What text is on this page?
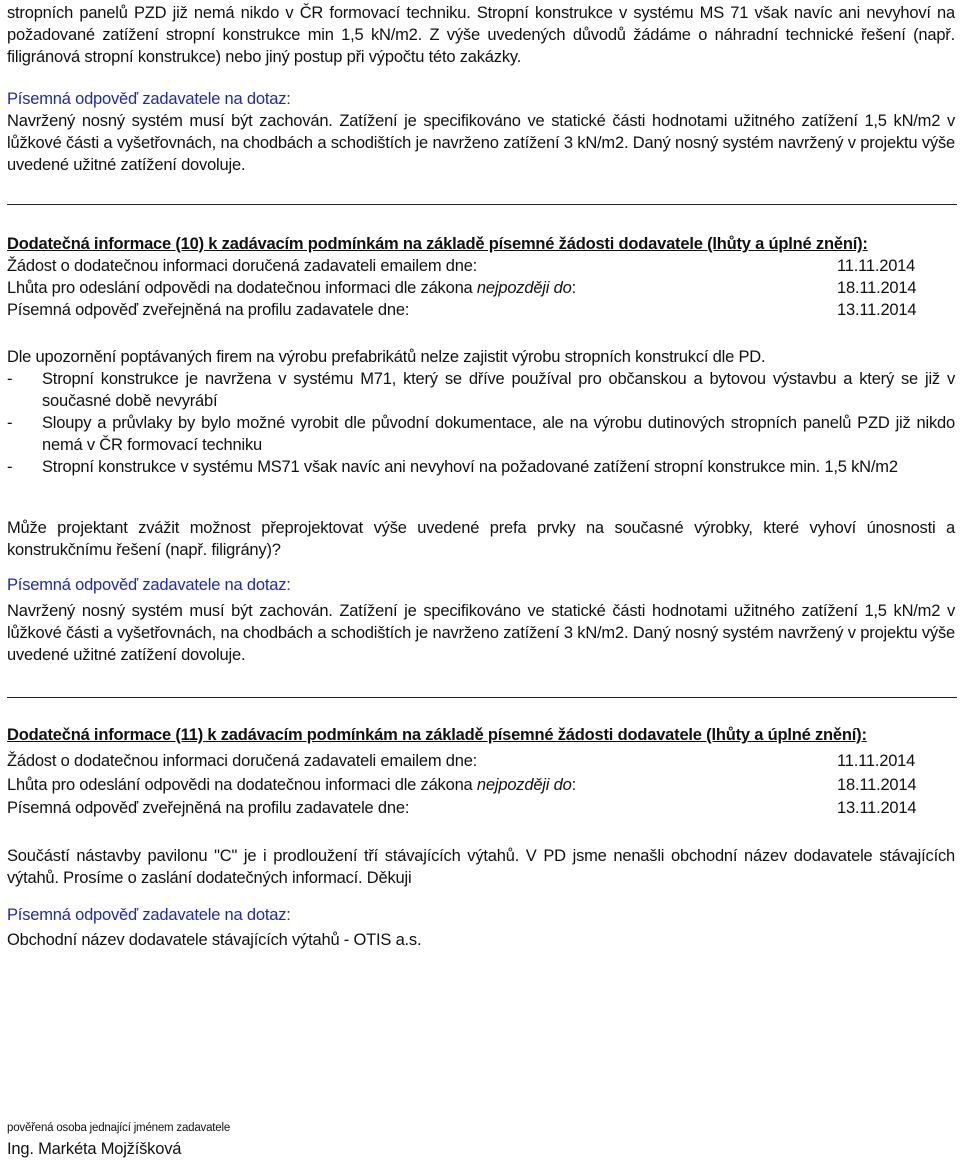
stropních panelů PZD již nemá nikdo v ČR formovací techniku. Stropní konstrukce v systému MS 71 však navíc ani nevyhoví na požadované zatížení stropní konstrukce min 1,5 kN/m2. Z výše uvedených důvodů žádáme o náhradní technické řešení (např. filigránová stropní konstrukce) nebo jiný postup při výpočtu této zakázky.
Písemná odpověď zadavatele na dotaz:
Navržený nosný systém musí být zachován. Zatížení je specifikováno ve statické části hodnotami užitného zatížení 1,5 kN/m2 v lůžkové části a vyšetřovnách, na chodbách a schodištích je navrženo zatížení 3 kN/m2. Daný nosný systém navržený v projektu výše uvedené užitné zatížení dovoluje.
Dodatečná informace (10) k zadávacím podmínkám na základě písemné žádosti dodavatele (lhůty a úplné znění):
Žádost o dodatečnou informaci doručená zadavateli emailem dne:	11.11.2014
Lhůta pro odeslání odpovědi na dodatečnou informaci dle zákona nejpozději do:	18.11.2014
Písemná odpověď zveřejněná na profilu zadavatele dne:	13.11.2014
Dle upozornění poptávaných firem na výrobu prefabrikátů nelze zajistit výrobu stropních konstrukcí dle PD.
- Stropní konstrukce je navržena v systému M71, který se dříve používal pro občanskou a bytovou výstavbu a který se již v současné době nevyrábí
- Sloupy a průvlaky by bylo možné vyrobit dle původní dokumentace, ale na výrobu dutinových stropních panelů PZD již nikdo nemá v ČR formovací techniku
- Stropní konstrukce v systému MS71 však navíc ani nevyhoví na požadované zatížení stropní konstrukce min. 1,5 kN/m2
Může projektant zvážit možnost přeprojektovat výše uvedené prefa prvky na současné výrobky, které vyhoví únosnosti a konstrukčnímu řešení (např. filigrány)?
Písemná odpověď zadavatele na dotaz:
Navržený nosný systém musí být zachován. Zatížení je specifikováno ve statické části hodnotami užitného zatížení 1,5 kN/m2 v lůžkové části a vyšetřovnách, na chodbách a schodištích je navrženo zatížení 3 kN/m2. Daný nosný systém navržený v projektu výše uvedené užitné zatížení dovoluje.
Dodatečná informace (11) k zadávacím podmínkám na základě písemné žádosti dodavatele (lhůty a úplné znění):
Žádost o dodatečnou informaci doručená zadavateli emailem dne:	11.11.2014
Lhůta pro odeslání odpovědi na dodatečnou informaci dle zákona nejpozději do:	18.11.2014
Písemná odpověď zveřejněná na profilu zadavatele dne:	13.11.2014
Součástí nástavby pavilonu "C" je i prodloužení tří stávajících výtahů. V PD jsme nenašli obchodní název dodavatele stávajících výtahů. Prosíme o zaslání dodatečných informací. Děkuji
Písemná odpověď zadavatele na dotaz:
Obchodní název dodavatele stávajících výtahů - OTIS a.s.
pověřená osoba jednající jménem zadavatele
Ing. Markéta Mojžíšková
